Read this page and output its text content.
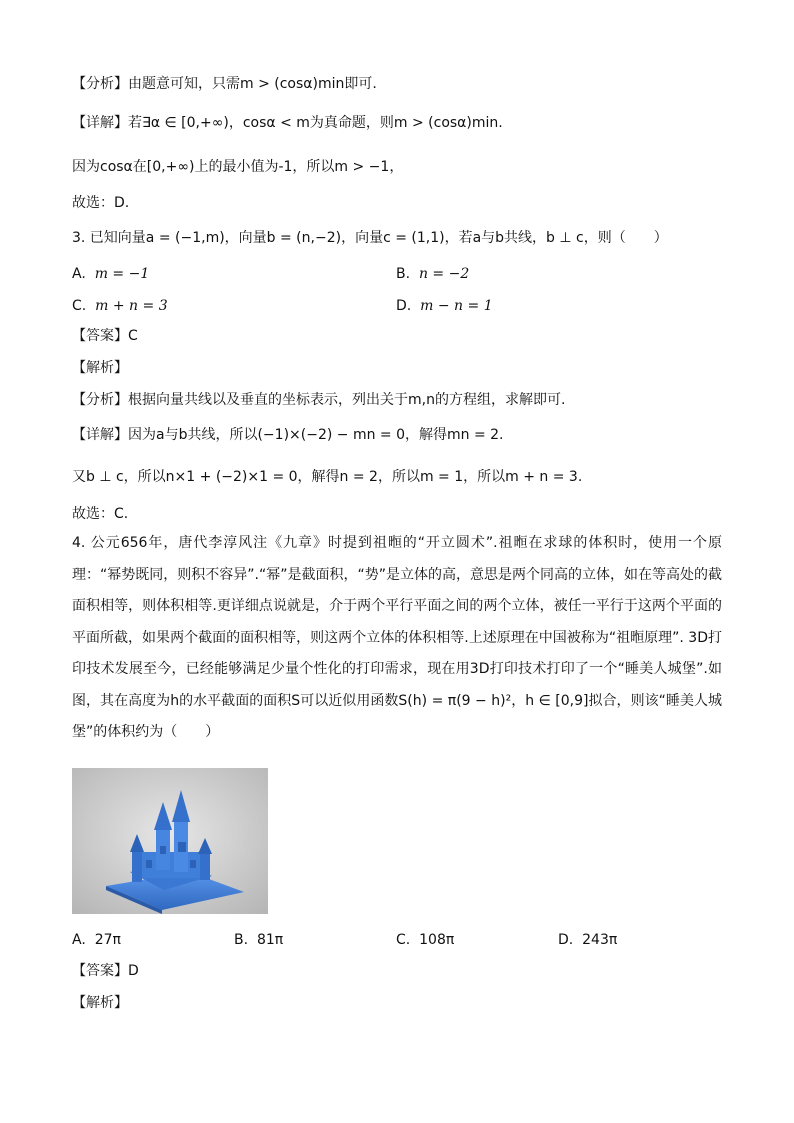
【分析】由题意可知，只需m > (cosα)min即可.
【详解】若∃α ∈ [0,+∞)，cosα < m为真命题，则m > (cosα)min.
因为cosα在[0,+∞)上的最小值为-1，所以m > −1，
故选：D.
3. 已知向量a = (−1,m)，向量b = (n,−2)，向量c = (1,1)，若a与b共线，b ⊥ c，则（　　）
A. m = −1	B. n = −2
C. m + n = 3	D. m − n = 1
【答案】C
【解析】
【分析】根据向量共线以及垂直的坐标表示，列出关于m,n的方程组，求解即可.
【详解】因为a与b共线，所以(−1)×(−2) − mn = 0，解得mn = 2.
又b ⊥ c，所以n×1 + (−2)×1 = 0，解得n = 2，所以m = 1，所以m + n = 3.
故选：C.
4. 公元656年，唐代李淳风注《九章》时提到祖暅的“开立圆术”.祖暅在求球的体积时，使用一个原理：“幂势既同，则积不容异”.“幂”是截面积，“势”是立体的高，意思是两个同高的立体，如在等高处的截面积相等，则体积相等.更详细点说就是，介于两个平行平面之间的两个立体，被任一平行于这两个平面的平面所截，如果两个截面的面积相等，则这两个立体的体积相等.上述原理在中国被称为“祖暅原理”. 3D打印技术发展至今，已经能够满足少量个性化的打印需求，现在用3D打印技术打印了一个“睡美人城堡”.如图，其在高度为h的水平截面的面积S可以近似用函数S(h) = π(9 − h)²，h ∈ [0,9]拟合，则该“睡美人城堡”的体积约为（　　）
A. 27π	B. 81π	C. 108π	D. 243π
【答案】D
【解析】
